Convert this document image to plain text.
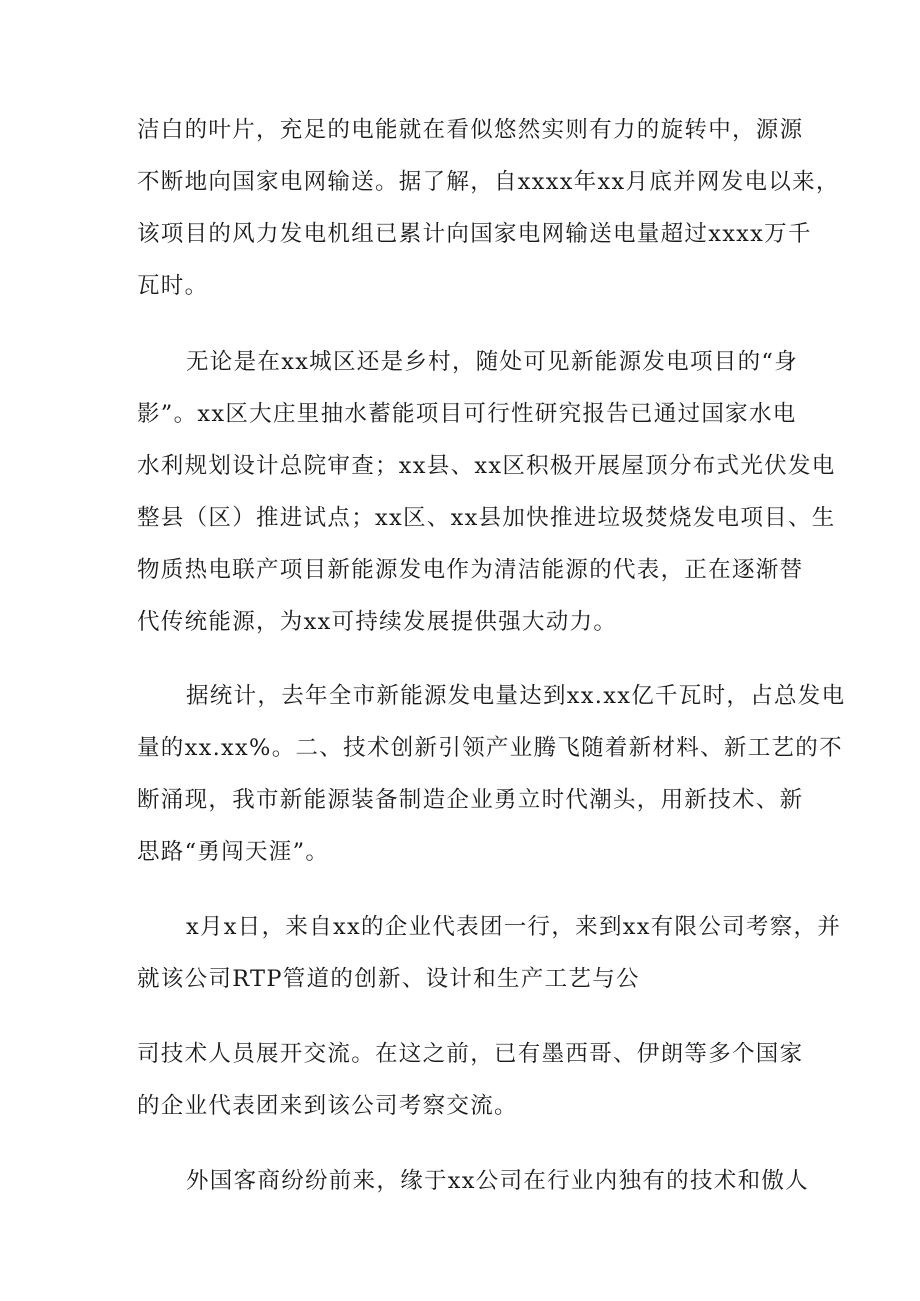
洁白的叶片，充足的电能就在看似悠然实则有力的旋转中，源源
不断地向国家电网输送。据了解，自xxxx年xx月底并网发电以来，
该项目的风力发电机组已累计向国家电网输送电量超过xxxx万千
瓦时。
无论是在xx城区还是乡村，随处可见新能源发电项目的“身
影”。xx区大庄里抽水蓄能项目可行性研究报告已通过国家水电
水利规划设计总院审查；xx县、xx区积极开展屋顶分布式光伏发电
整县（区）推进试点；xx区、xx县加快推进垃圾焚烧发电项目、生
物质热电联产项目新能源发电作为清洁能源的代表，正在逐渐替
代传统能源，为xx可持续发展提供强大动力。
据统计，去年全市新能源发电量达到xx.xx亿千瓦时，占总发电
量的xx.xx%。二、技术创新引领产业腾飞随着新材料、新工艺的不
断涌现，我市新能源装备制造企业勇立时代潮头，用新技术、新
思路“勇闯天涯”。
x月x日，来自xx的企业代表团一行，来到xx有限公司考察，并
就该公司RTP管道的创新、设计和生产工艺与公
司技术人员展开交流。在这之前，已有墨西哥、伊朗等多个国家
的企业代表团来到该公司考察交流。
外国客商纷纷前来，缘于xx公司在行业内独有的技术和傲人
